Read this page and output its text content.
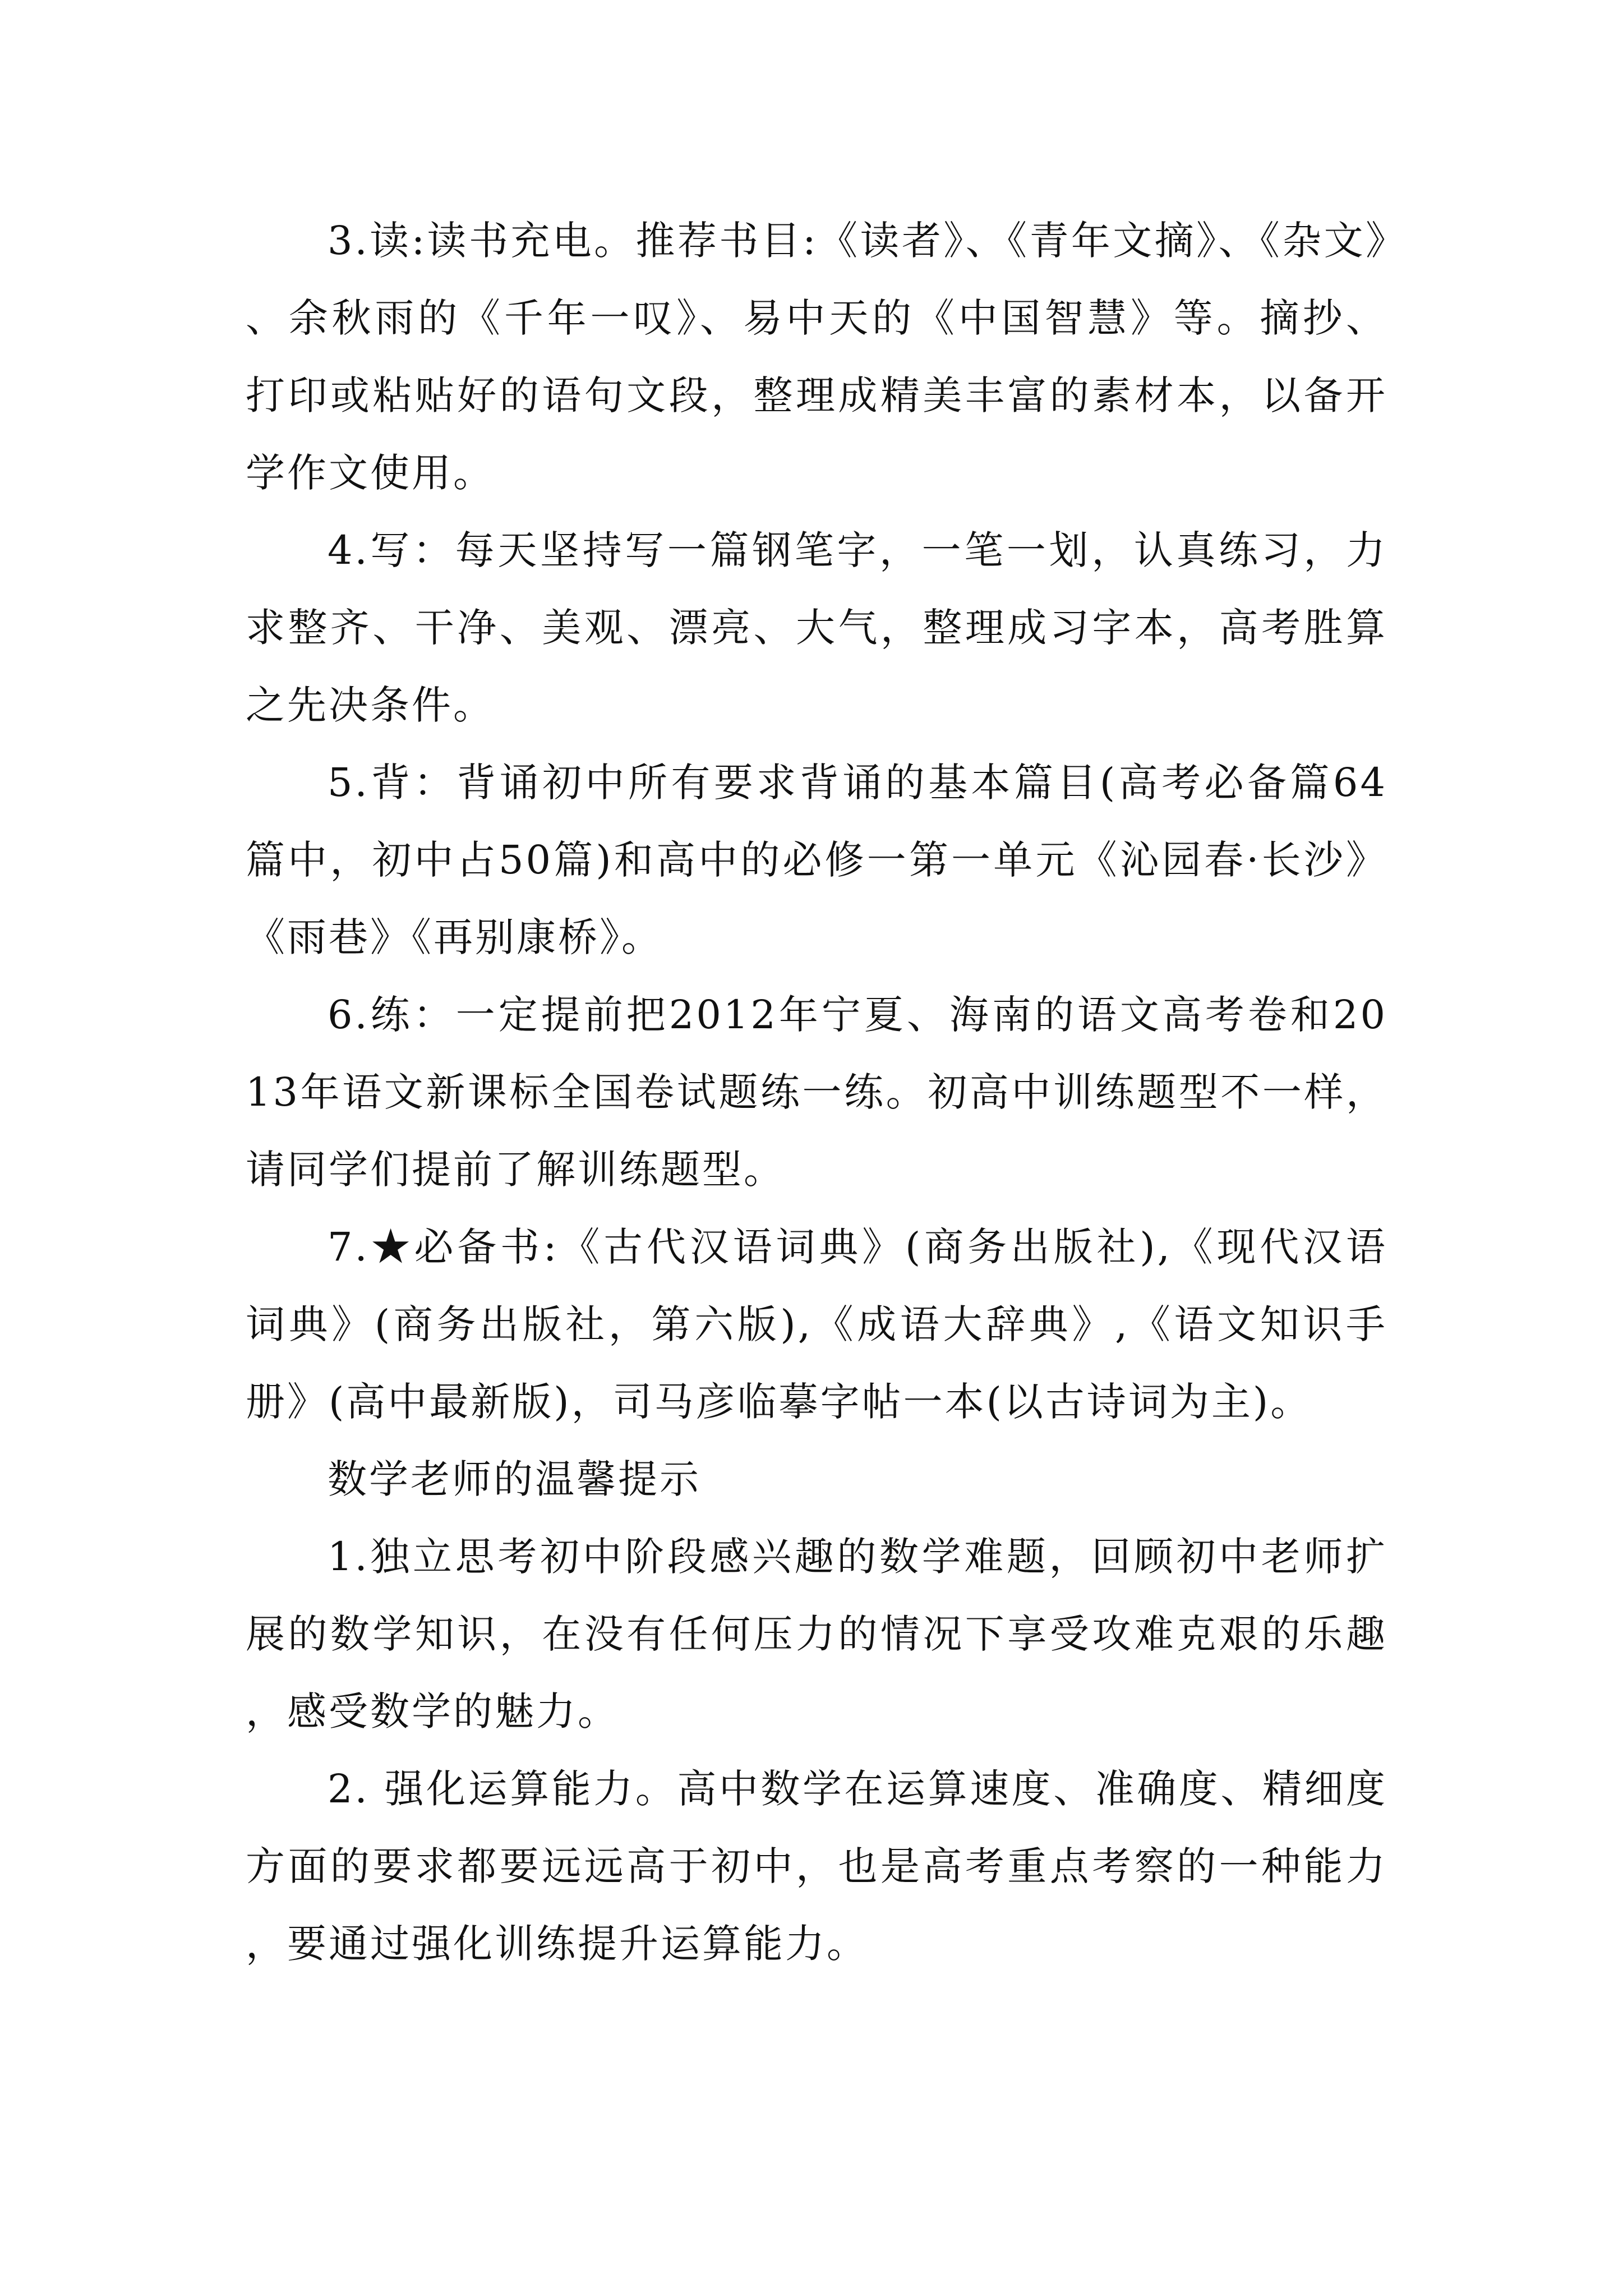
3.读:读书充电。推荐书目:《读者》、《青年文摘》、《杂文》、余秋雨的《千年一叹》、易中天的《中国智慧》等。摘抄、打印或粘贴好的语句文段，整理成精美丰富的素材本，以备开学作文使用。

4.写：每天坚持写一篇钢笔字，一笔一划，认真练习，力求整齐、干净、美观、漂亮、大气，整理成习字本，高考胜算之先决条件。

5.背：背诵初中所有要求背诵的基本篇目(高考必备篇64篇中，初中占50篇)和高中的必修一第一单元《沁园春·长沙》《雨巷》《再别康桥》。

6.练：一定提前把2012年宁夏、海南的语文高考卷和2013年语文新课标全国卷试题练一练。初高中训练题型不一样，请同学们提前了解训练题型。

7.★必备书:《古代汉语词典》(商务出版社),《现代汉语词典》(商务出版社，第六版),《成语大辞典》,《语文知识手册》(高中最新版)，司马彦临摹字帖一本(以古诗词为主)。

数学老师的温馨提示

1.独立思考初中阶段感兴趣的数学难题，回顾初中老师扩展的数学知识，在没有任何压力的情况下享受攻难克艰的乐趣，感受数学的魅力。

2. 强化运算能力。高中数学在运算速度、准确度、精细度方面的要求都要远远高于初中，也是高考重点考察的一种能力，要通过强化训练提升运算能力。
